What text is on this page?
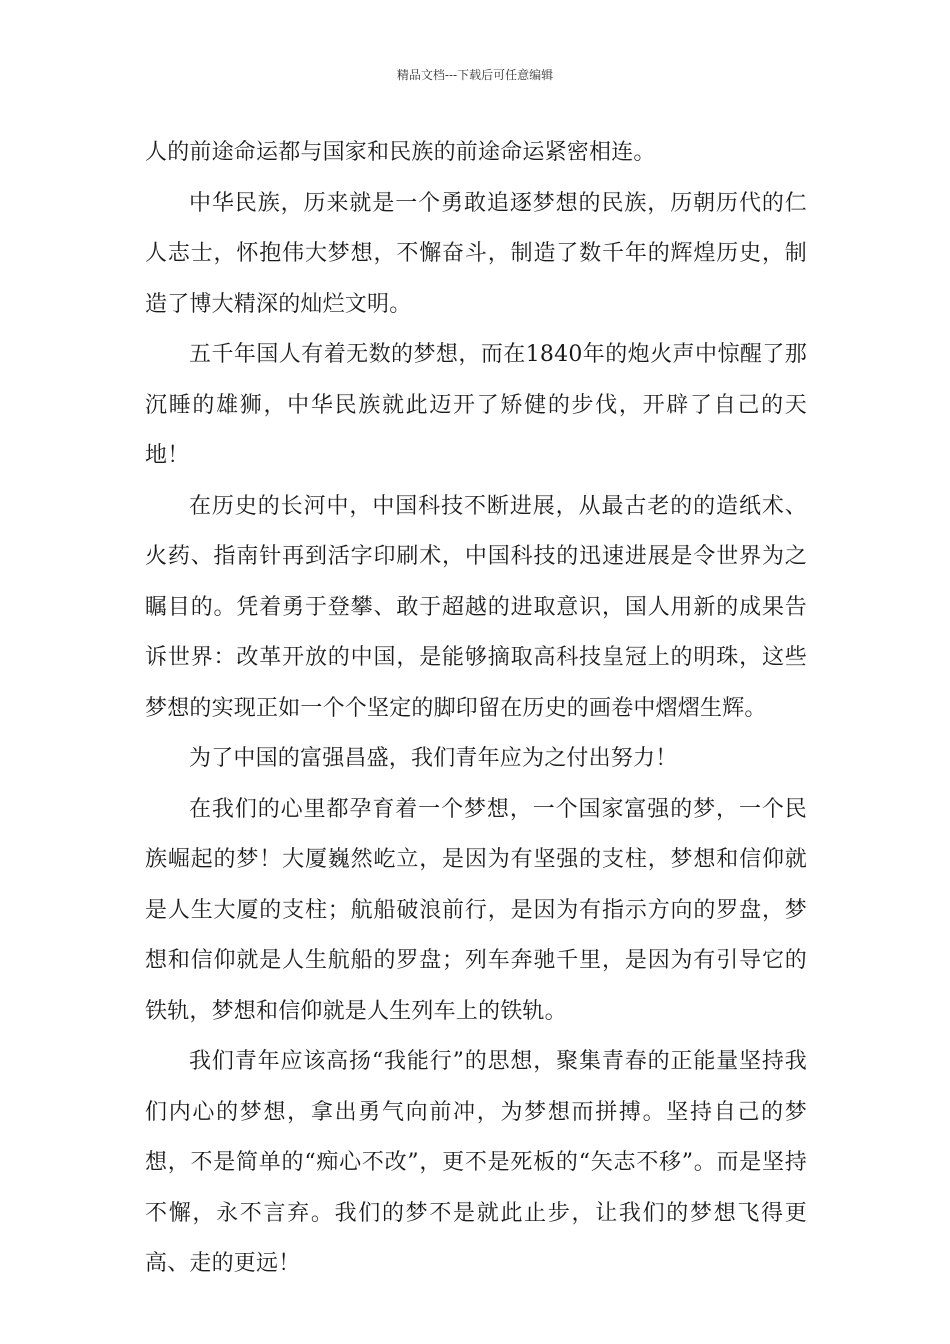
精品文档---下载后可任意编辑

人的前途命运都与国家和民族的前途命运紧密相连。

中华民族，历来就是一个勇敢追逐梦想的民族，历朝历代的仁人志士，怀抱伟大梦想，不懈奋斗，制造了数千年的辉煌历史，制造了博大精深的灿烂文明。

五千年国人有着无数的梦想，而在1840年的炮火声中惊醒了那沉睡的雄狮，中华民族就此迈开了矫健的步伐，开辟了自己的天地！

在历史的长河中，中国科技不断进展，从最古老的的造纸术、火药、指南针再到活字印刷术，中国科技的迅速进展是令世界为之瞩目的。凭着勇于登攀、敢于超越的进取意识，国人用新的成果告诉世界：改革开放的中国，是能够摘取高科技皇冠上的明珠，这些梦想的实现正如一个个坚定的脚印留在历史的画卷中熠熠生辉。

为了中国的富强昌盛，我们青年应为之付出努力！

在我们的心里都孕育着一个梦想，一个国家富强的梦，一个民族崛起的梦！大厦巍然屹立，是因为有坚强的支柱，梦想和信仰就是人生大厦的支柱；航船破浪前行，是因为有指示方向的罗盘，梦想和信仰就是人生航船的罗盘；列车奔驰千里，是因为有引导它的铁轨，梦想和信仰就是人生列车上的铁轨。

我们青年应该高扬“我能行”的思想，聚集青春的正能量坚持我们内心的梦想，拿出勇气向前冲，为梦想而拼搏。坚持自己的梦想，不是简单的“痴心不改”，更不是死板的“矢志不移”。而是坚持不懈，永不言弃。我们的梦不是就此止步，让我们的梦想飞得更高、走的更远！
